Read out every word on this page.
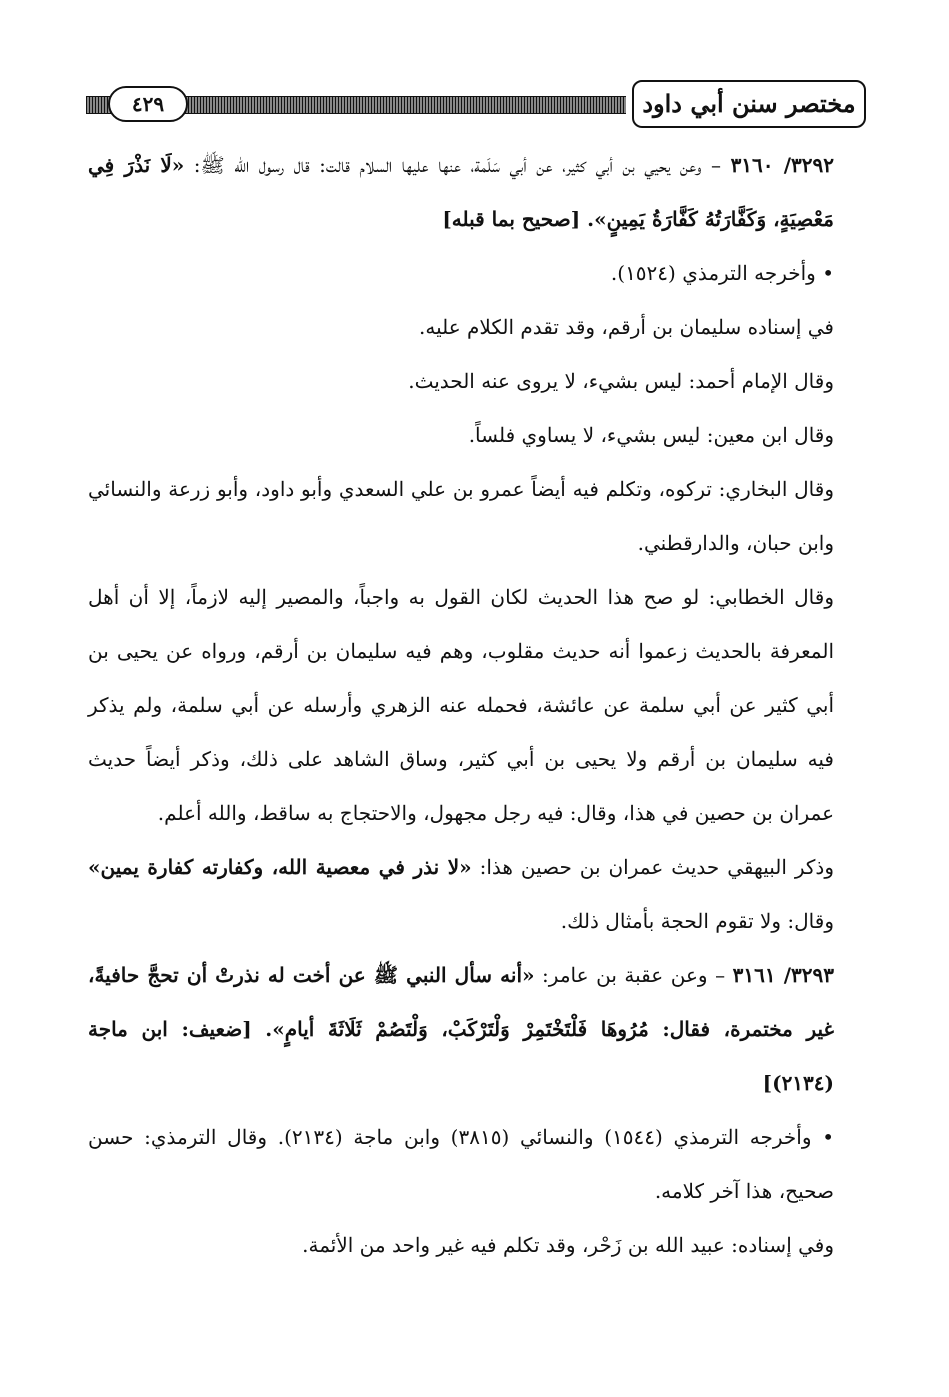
٤٢٩	مختصر سنن أبي داود

٣٢٩٢/ ٣١٦٠ – وعن يحيي بن أبي كثير، عن أبي سَلَمة، عنها عليها السلام قالت: قال رسول الله ﷺ: «لَا نَذْرَ فِي مَعْصِيَةٍ، وَكَفَّارَتُهُ كَفَّارَةُ يَمِينٍ». [صحيح بما قبله]

• وأخرجه الترمذي (١٥٢٤).

في إسناده سليمان بن أرقم، وقد تقدم الكلام عليه.

وقال الإمام أحمد: ليس بشيء، لا يروى عنه الحديث.

وقال ابن معين: ليس بشيء، لا يساوي فلساً.

وقال البخاري: تركوه، وتكلم فيه أيضاً عمرو بن علي السعدي وأبو داود، وأبو زرعة والنسائي وابن حبان، والدارقطني.

وقال الخطابي: لو صح هذا الحديث لكان القول به واجباً، والمصير إليه لازماً، إلا أن أهل المعرفة بالحديث زعموا أنه حديث مقلوب، وهم فيه سليمان بن أرقم، ورواه عن يحيى بن أبي كثير عن أبي سلمة عن عائشة، فحمله عنه الزهري وأرسله عن أبي سلمة، ولم يذكر فيه سليمان بن أرقم ولا يحيى بن أبي كثير، وساق الشاهد على ذلك، وذكر أيضاً حديث عمران بن حصين في هذا، وقال: فيه رجل مجهول، والاحتجاج به ساقط، والله أعلم.

وذكر البيهقي حديث عمران بن حصين هذا: «لا نذر في معصية الله، وكفارته كفارة يمين» وقال: ولا تقوم الحجة بأمثال ذلك.

٣٢٩٣/ ٣١٦١ – وعن عقبة بن عامر: «أنه سأل النبي ﷺ عن أخت له نذرتْ أن تحجَّ حافيةً، غير مختمرة، فقال: مُرُوهَا فَلْتَخْتَمِرْ وَلْتَرْكَبْ، وَلْتَصُمْ ثَلَاثَةَ أيامٍ». [ضعيف: ابن ماجة (٢١٣٤)]

• وأخرجه الترمذي (١٥٤٤) والنسائي (٣٨١٥) وابن ماجة (٢١٣٤). وقال الترمذي: حسن صحيح، هذا آخر كلامه.

وفي إسناده: عبيد الله بن زَحْر، وقد تكلم فيه غير واحد من الأئمة.
